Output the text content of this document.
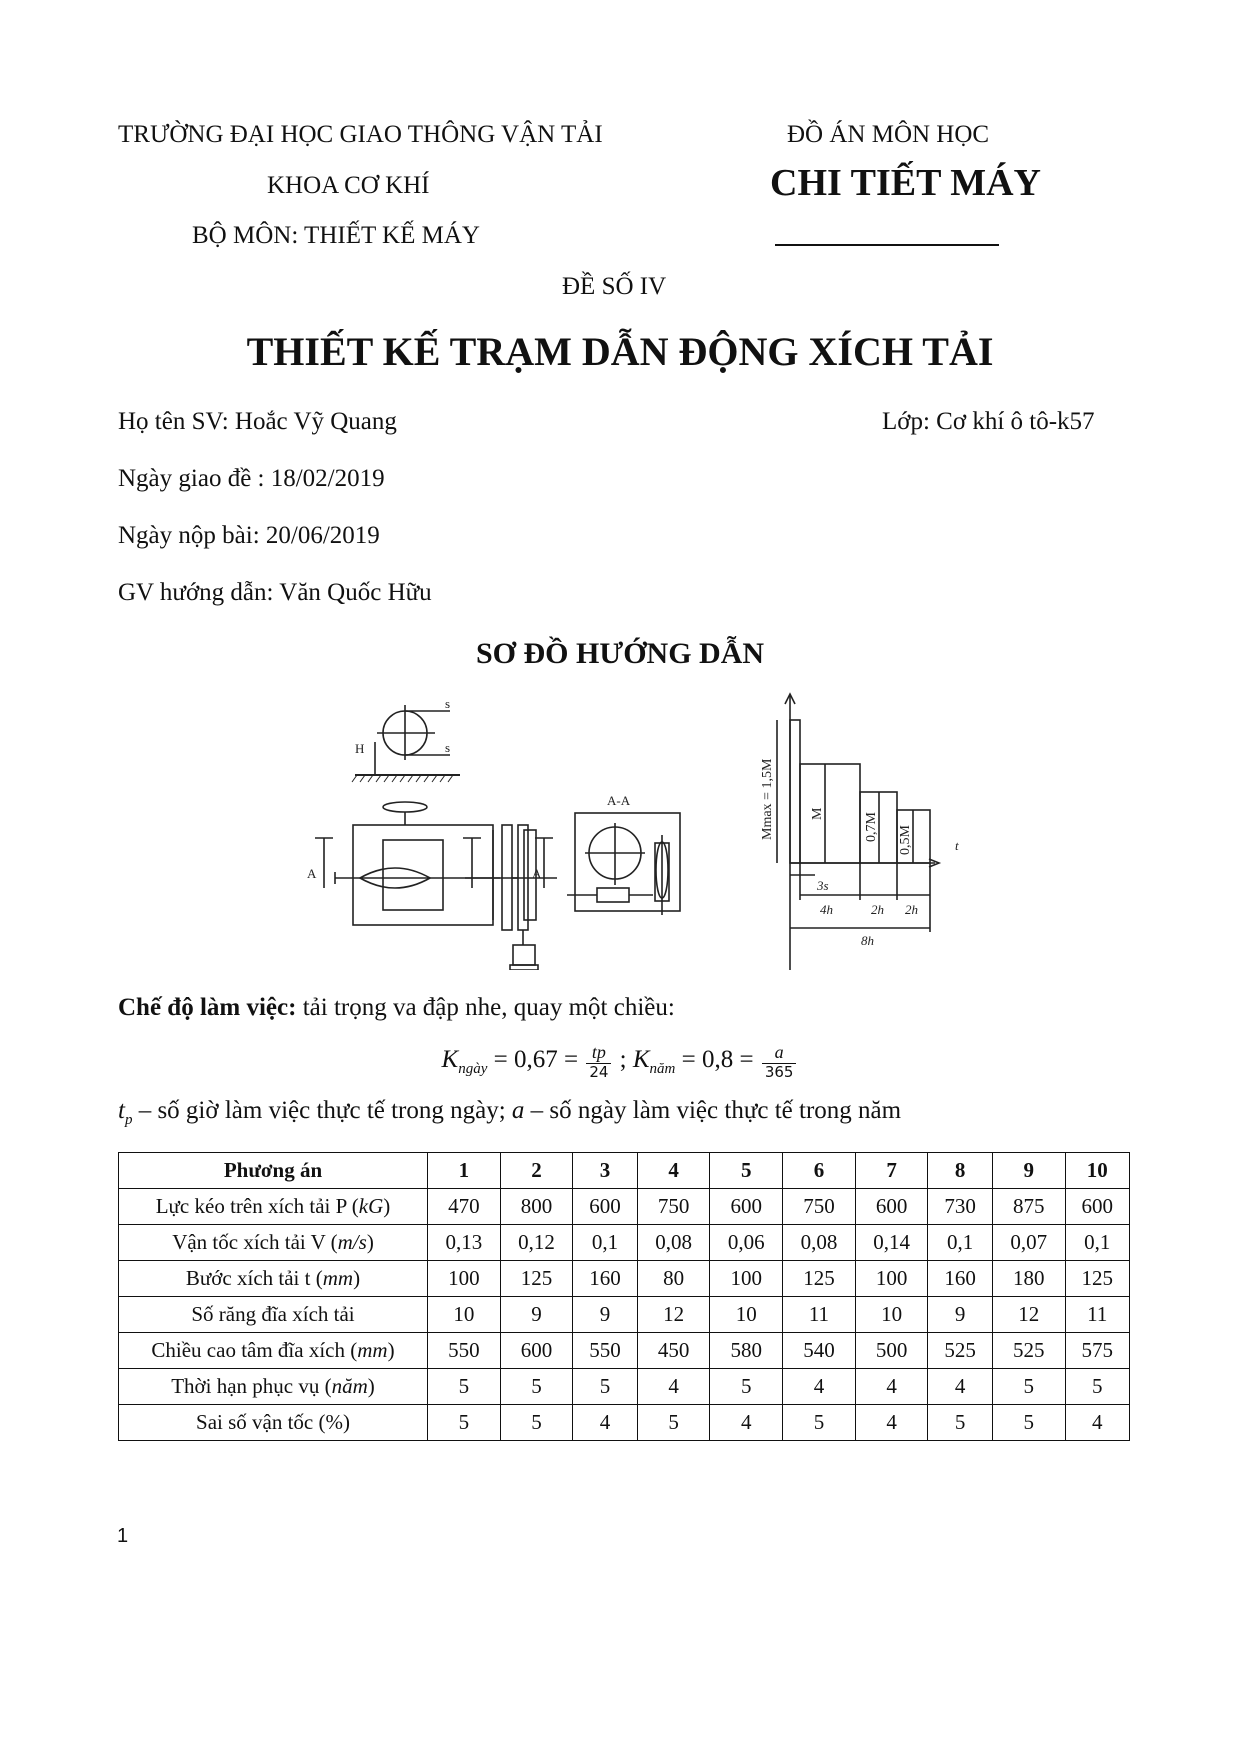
TRƯỜNG ĐẠI HỌC GIAO THÔNG VẬN TẢI
KHOA CƠ KHÍ
BỘ MÔN: THIẾT KẾ MÁY
ĐỒ ÁN MÔN HỌC
CHI TIẾT MÁY
ĐỀ SỐ IV
THIẾT KẾ TRẠM DẪN ĐỘNG XÍCH TẢI
Họ tên SV: Hoắc Vỹ Quang	Lớp: Cơ khí ô tô-k57
Ngày giao đề : 18/02/2019
Ngày nộp bài: 20/06/2019
GV hướng dẫn: Văn Quốc Hữu
SƠ ĐỒ HƯỚNG DẪN
s
s
H
A-A
A	A
Mmax = 1,5M	M	0,7M 0,5M	t
3s
4h	2h 2h
8h
Chế độ làm việc: tải trọng va đập nhe, quay một chiều:
$K_{ngày} = 0,67 = \frac{tp}{24}$ ; $K_{năm} = 0,8 = \frac{a}{365}$
$t_p$ – số giờ làm việc thực tế trong ngày; a – số ngày làm việc thực tế trong năm
Phương án	1	2	3	4	5	6	7	8	9	10
Lực kéo trên xích tải P (kG)	470	800	600	750	600	750	600	730	875	600
Vận tốc xích tải V (m/s)	0,13	0,12	0,1	0,08	0,06	0,08	0,14	0,1	0,07	0,1
Bước xích tải t (mm)	100	125	160	80	100	125	100	160	180	125
Số răng đĩa xích tải	10	9	9	12	10	11	10	9	12	11
Chiều cao tâm đĩa xích (mm)	550	600	550	450	580	540	500	525	525	575
Thời hạn phục vụ (năm)	5	5	5	4	5	4	4	4	5	5
Sai số vận tốc (%)	5	5	4	5	4	5	4	5	5	4
1
